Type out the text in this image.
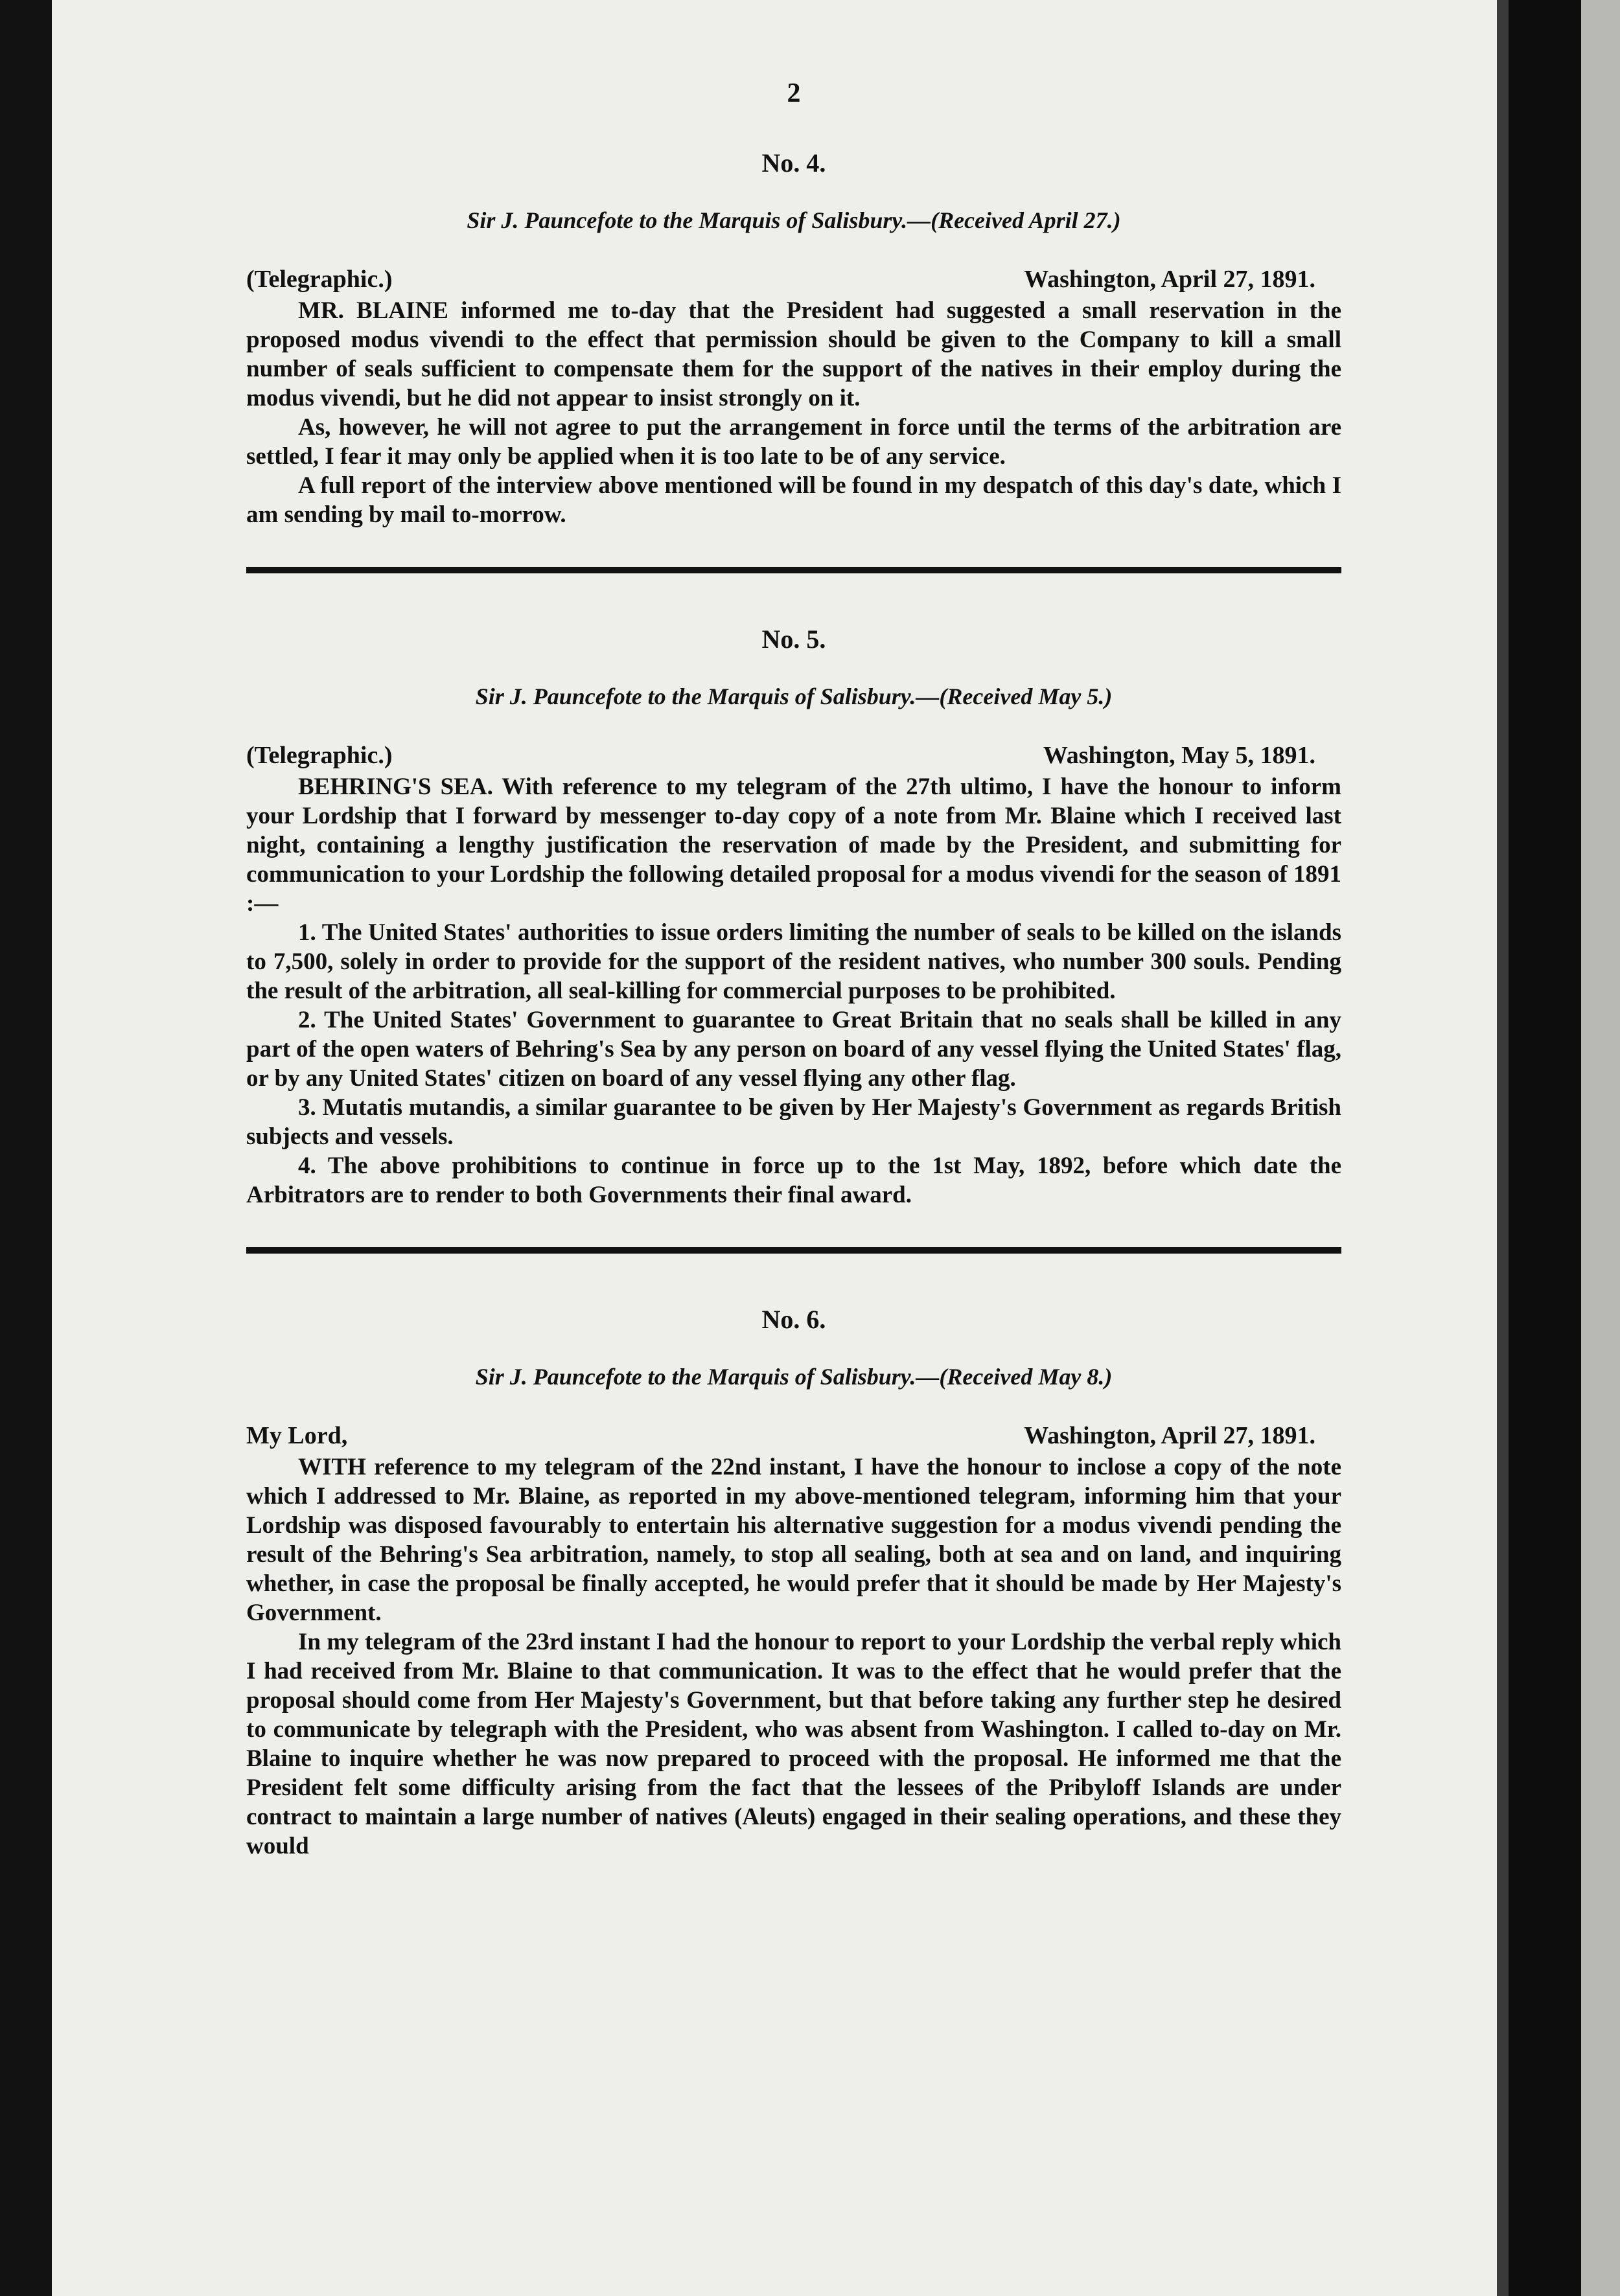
2
No. 4.
Sir J. Pauncefote to the Marquis of Salisbury.—(Received April 27.)
(Telegraphic.)	Washington, April 27, 1891.

MR. BLAINE informed me to-day that the President had suggested a small reservation in the proposed modus vivendi to the effect that permission should be given to the Company to kill a small number of seals sufficient to compensate them for the support of the natives in their employ during the modus vivendi, but he did not appear to insist strongly on it.

As, however, he will not agree to put the arrangement in force until the terms of the arbitration are settled, I fear it may only be applied when it is too late to be of any service.

A full report of the interview above mentioned will be found in my despatch of this day's date, which I am sending by mail to-morrow.

No. 5.
Sir J. Pauncefote to the Marquis of Salisbury.—(Received May 5.)
(Telegraphic.)	Washington, May 5, 1891.

BEHRING'S SEA. With reference to my telegram of the 27th ultimo, I have the honour to inform your Lordship that I forward by messenger to-day copy of a note from Mr. Blaine which I received last night, containing a lengthy justification the reservation of made by the President, and submitting for communication to your Lordship the following detailed proposal for a modus vivendi for the season of 1891 :—

1. The United States' authorities to issue orders limiting the number of seals to be killed on the islands to 7,500, solely in order to provide for the support of the resident natives, who number 300 souls. Pending the result of the arbitration, all seal-killing for commercial purposes to be prohibited.

2. The United States' Government to guarantee to Great Britain that no seals shall be killed in any part of the open waters of Behring's Sea by any person on board of any vessel flying the United States' flag, or by any United States' citizen on board of any vessel flying any other flag.

3. Mutatis mutandis, a similar guarantee to be given by Her Majesty's Government as regards British subjects and vessels.

4. The above prohibitions to continue in force up to the 1st May, 1892, before which date the Arbitrators are to render to both Governments their final award.

No. 6.
Sir J. Pauncefote to the Marquis of Salisbury.—(Received May 8.)
My Lord,	Washington, April 27, 1891.

WITH reference to my telegram of the 22nd instant, I have the honour to inclose a copy of the note which I addressed to Mr. Blaine, as reported in my above-mentioned telegram, informing him that your Lordship was disposed favourably to entertain his alternative suggestion for a modus vivendi pending the result of the Behring's Sea arbitration, namely, to stop all sealing, both at sea and on land, and inquiring whether, in case the proposal be finally accepted, he would prefer that it should be made by Her Majesty's Government.

In my telegram of the 23rd instant I had the honour to report to your Lordship the verbal reply which I had received from Mr. Blaine to that communication. It was to the effect that he would prefer that the proposal should come from Her Majesty's Government, but that before taking any further step he desired to communicate by telegraph with the President, who was absent from Washington. I called to-day on Mr. Blaine to inquire whether he was now prepared to proceed with the proposal. He informed me that the President felt some difficulty arising from the fact that the lessees of the Pribyloff Islands are under contract to maintain a large number of natives (Aleuts) engaged in their sealing operations, and these they would
